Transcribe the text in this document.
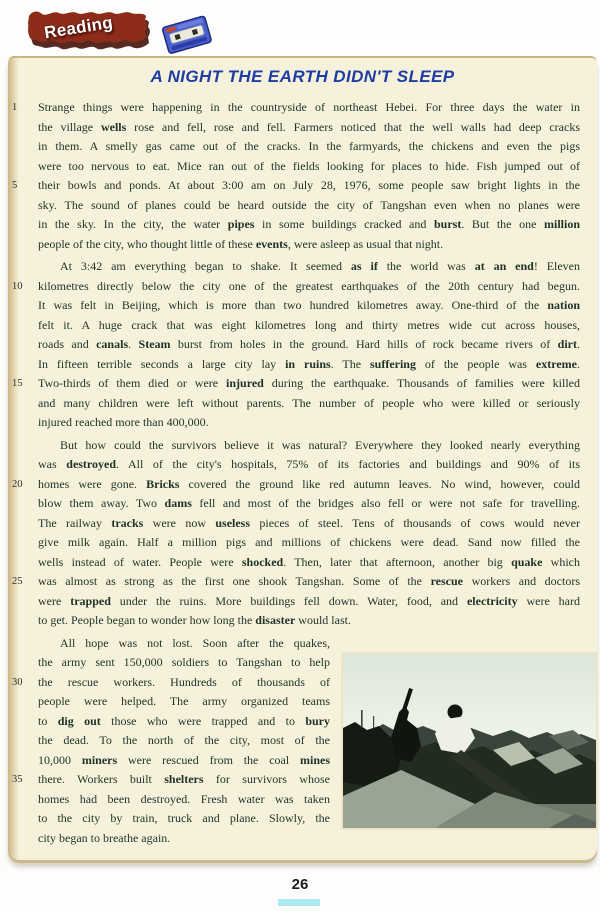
Reading
A NIGHT THE EARTH DIDN'T SLEEP
Strange things were happening in the countryside of northeast Hebei. For three days the water in
1
the village wells rose and fell, rose and fell. Farmers noticed that the well walls had deep cracks
in them. A smelly gas came out of the cracks. In the farmyards, the chickens and even the pigs
were too nervous to eat. Mice ran out of the fields looking for places to hide. Fish jumped out of
their bowls and ponds. At about 3:00 am on July 28, 1976, some people saw bright lights in the
5
sky. The sound of planes could be heard outside the city of Tangshan even when no planes were
in the sky. In the city, the water pipes in some buildings cracked and burst. But the one million
people of the city, who thought little of these events, were asleep as usual that night.
At 3:42 am everything began to shake. It seemed as if the world was at an end! Eleven
kilometres directly below the city one of the greatest earthquakes of the 20th century had begun.
10
It was felt in Beijing, which is more than two hundred kilometres away. One-third of the nation
felt it. A huge crack that was eight kilometres long and thirty metres wide cut across houses,
roads and canals. Steam burst from holes in the ground. Hard hills of rock became rivers of dirt.
In fifteen terrible seconds a large city lay in ruins. The suffering of the people was extreme.
Two-thirds of them died or were injured during the earthquake. Thousands of families were killed
15
and many children were left without parents. The number of people who were killed or seriously
injured reached more than 400,000.
But how could the survivors believe it was natural? Everywhere they looked nearly everything
was destroyed. All of the city's hospitals, 75% of its factories and buildings and 90% of its
homes were gone. Bricks covered the ground like red autumn leaves. No wind, however, could
20
blow them away. Two dams fell and most of the bridges also fell or were not safe for travelling.
The railway tracks were now useless pieces of steel. Tens of thousands of cows would never
give milk again. Half a million pigs and millions of chickens were dead. Sand now filled the
wells instead of water. People were shocked. Then, later that afternoon, another big quake which
was almost as strong as the first one shook Tangshan. Some of the rescue workers and doctors
25
were trapped under the ruins. More buildings fell down. Water, food, and electricity were hard
to get. People began to wonder how long the disaster would last.
All hope was not lost. Soon after the quakes,
the army sent 150,000 soldiers to Tangshan to help
the rescue workers. Hundreds of thousands of
30
people were helped. The army organized teams
to dig out those who were trapped and to bury
the dead. To the north of the city, most of the
10,000 miners were rescued from the coal mines
there. Workers built shelters for survivors whose
35
homes had been destroyed. Fresh water was taken
to the city by train, truck and plane. Slowly, the
city began to breathe again.
26
